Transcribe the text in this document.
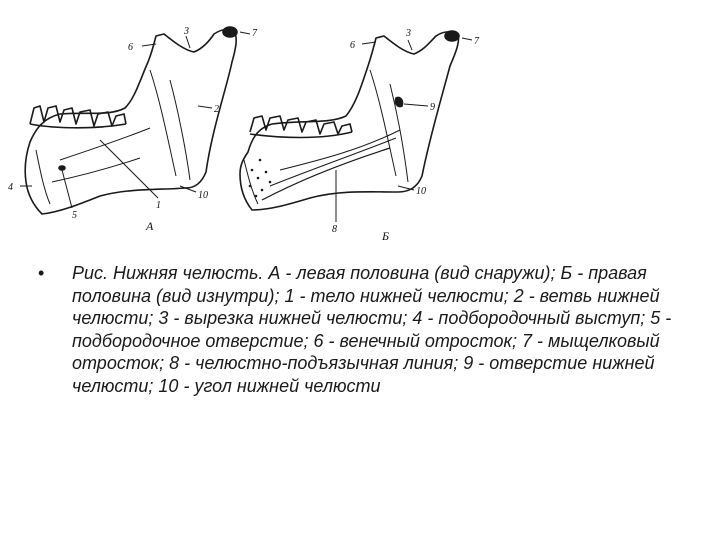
6
3	7
2
4
5
1
10
А
6
3
7
9
8
10
Б
• Рис. Нижняя челюсть. А - левая половина (вид снаружи); Б - правая половина (вид изнутри); 1 - тело нижней челюсти; 2 - ветвь нижней челюсти; 3 - вырезка нижней челюсти; 4 - подбородочный выступ; 5 - подбородочное отверстие; 6 - венечный отросток; 7 - мыщелковый отросток; 8 - челюстно-подъязычная линия; 9 - отверстие нижней челюсти; 10 - угол нижней челюсти
